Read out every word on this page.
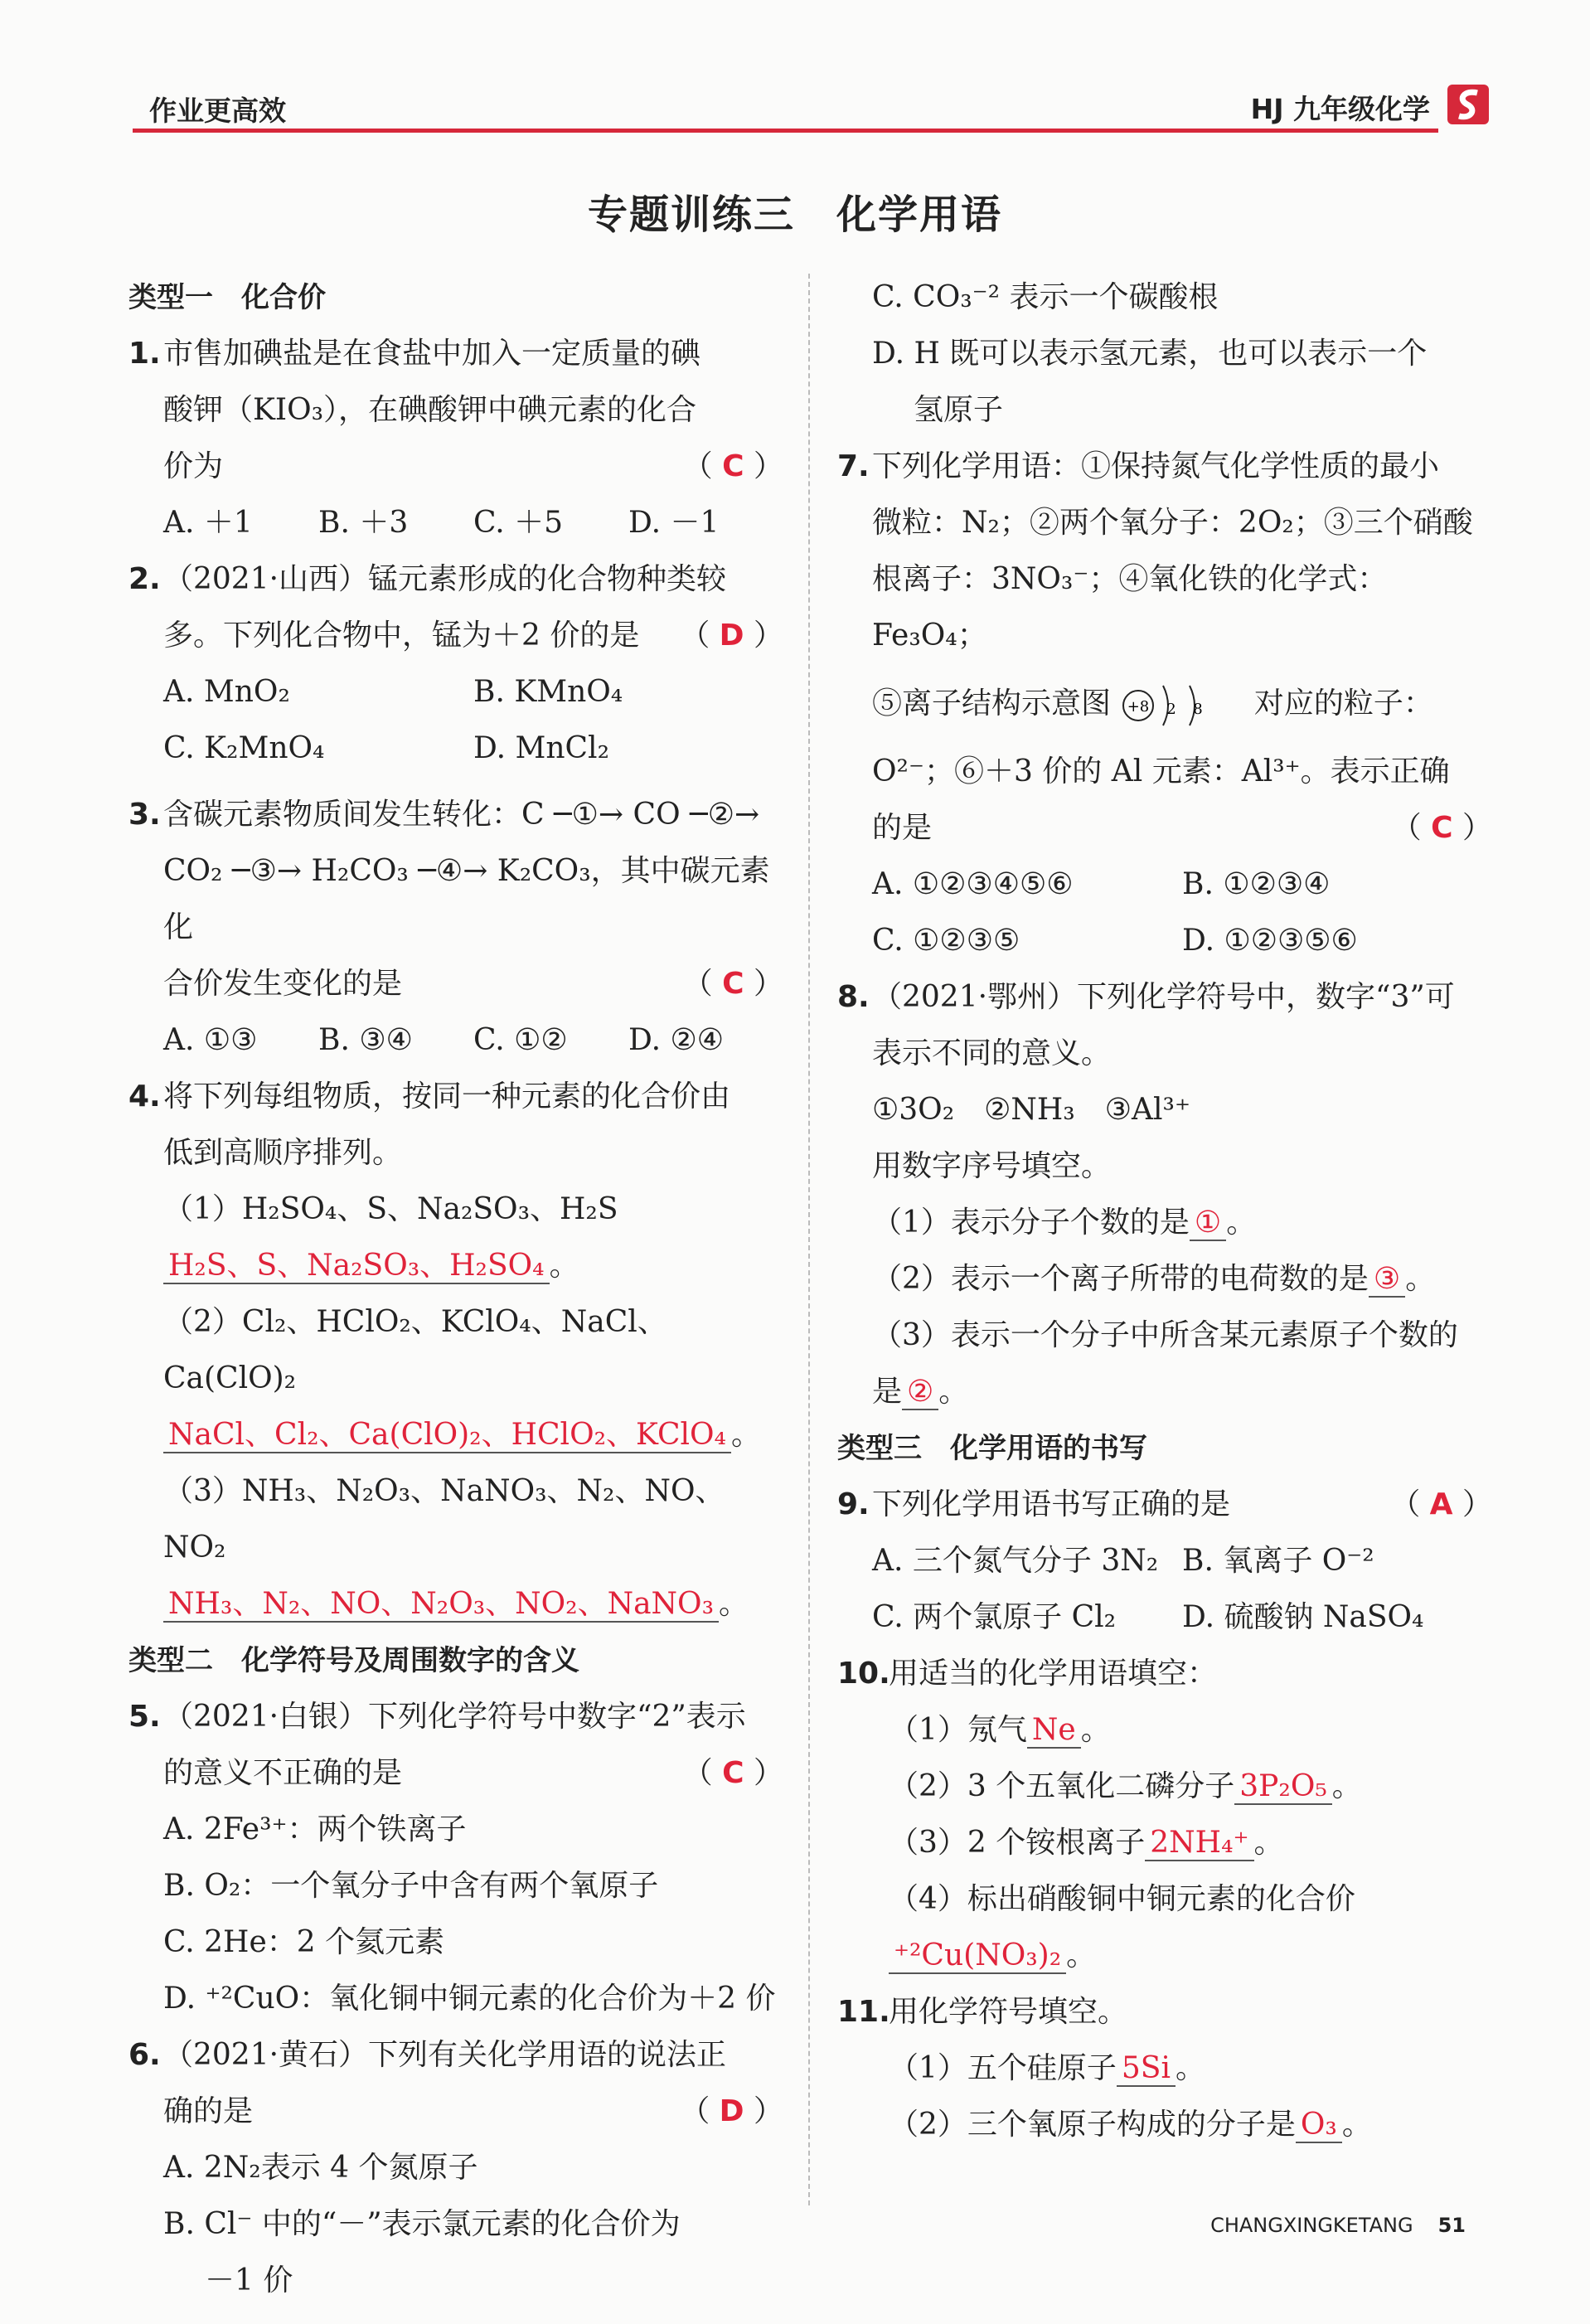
作业更高效	HJ 九年级化学
专题训练三　化学用语
类型一　化合价
1. 市售加碘盐是在食盐中加入一定质量的碘
酸钾（KIO₃），在碘酸钾中碘元素的化合
价为	（ C ）
A. ＋1	B. ＋3	C. ＋5	D. －1
2. （2021·山西）锰元素形成的化合物种类较
多。下列化合物中，锰为＋2 价的是 （ D ）
A. MnO₂	B. KMnO₄
C. K₂MnO₄	D. MnCl₂
3. 含碳元素物质间发生转化：C ─①→ CO ─②→
CO₂ ─③→ H₂CO₃ ─④→ K₂CO₃，其中碳元素化
合价发生变化的是	（ C ）
A. ①③	B. ③④	C. ①②	D. ②④
4. 将下列每组物质，按同一种元素的化合价由
低到高顺序排列。
（1）H₂SO₄、S、Na₂SO₃、H₂S
H₂S、S、Na₂SO₃、H₂SO₄ 。
（2）Cl₂、HClO₂、KClO₄、NaCl、Ca(ClO)₂
NaCl、Cl₂、Ca(ClO)₂、HClO₂、KClO₄ 。
（3）NH₃、N₂O₃、NaNO₃、N₂、NO、NO₂
NH₃、N₂、NO、N₂O₃、NO₂、NaNO₃ 。
类型二　化学符号及周围数字的含义
5. （2021·白银）下列化学符号中数字“2”表示
的意义不正确的是	（ C ）
A. 2Fe³⁺：两个铁离子
B. O₂：一个氧分子中含有两个氧原子
C. 2He：2 个氦元素
D. ⁺²CuO：氧化铜中铜元素的化合价为＋2 价
6. （2021·黄石）下列有关化学用语的说法正
确的是	（ D ）
A. 2N₂表示 4 个氮原子
B. Cl⁻ 中的“－”表示氯元素的化合价为
－1 价
C. CO₃⁻² 表示一个碳酸根
D. H 既可以表示氢元素，也可以表示一个
氢原子
7. 下列化学用语：①保持氮气化学性质的最小
微粒：N₂；②两个氧分子：2O₂；③三个硝酸
根离子：3NO₃⁻；④氧化铁的化学式：Fe₃O₄；
⑤离子结构示意图 +8 2 8 对应的粒子：
O²⁻；⑥＋3 价的 Al 元素：Al³⁺。表示正确
的是	（ C ）
A. ①②③④⑤⑥	B. ①②③④
C. ①②③⑤	D. ①②③⑤⑥
8. （2021·鄂州）下列化学符号中，数字“3”可
表示不同的意义。
①3O₂　②NH₃　③Al³⁺
用数字序号填空。
（1）表示分子个数的是 ① 。
（2）表示一个离子所带的电荷数的是 ③ 。
（3）表示一个分子中所含某元素原子个数的
是 ② 。
类型三　化学用语的书写
9. 下列化学用语书写正确的是	（ A ）
A. 三个氮气分子 3N₂ B. 氧离子 O⁻²
C. 两个氯原子 Cl₂	D. 硫酸钠 NaSO₄
10.
用适当的化学用语填空：
（1）氖气 Ne 。
（2）3 个五氧化二磷分子 3P₂O₅ 。
（3）2 个铵根离子 2NH₄⁺ 。
（4）标出硝酸铜中铜元素的化合价
⁺²Cu(NO₃)₂ 。
11.
用化学符号填空。
（1）五个硅原子 5Si 。
（2）三个氧原子构成的分子是 O₃ 。
CHANGXINGKETANG 51
